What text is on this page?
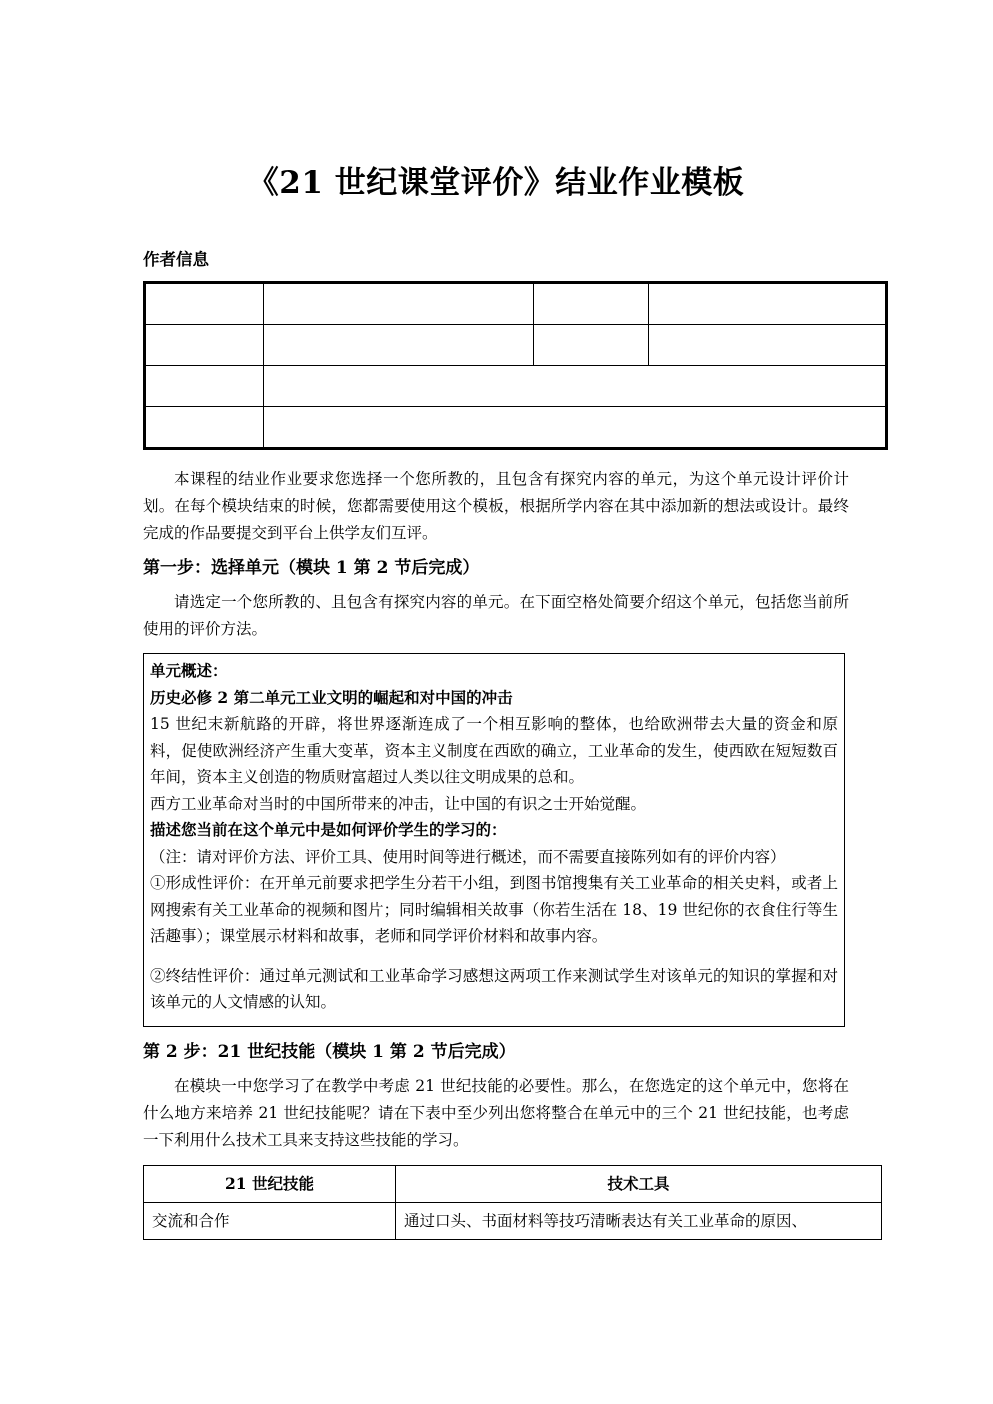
《21 世纪课堂评价》结业作业模板
作者信息

本课程的结业作业要求您选择一个您所教的，且包含有探究内容的单元，为这个单元设计评价计划。在每个模块结束的时候，您都需要使用这个模板，根据所学内容在其中添加新的想法或设计。最终完成的作品要提交到平台上供学友们互评。

第一步：选择单元（模块 1 第 2 节后完成）

请选定一个您所教的、且包含有探究内容的单元。在下面空格处简要介绍这个单元，包括您当前所使用的评价方法。

单元概述：

历史必修 2 第二单元工业文明的崛起和对中国的冲击

15 世纪末新航路的开辟，将世界逐渐连成了一个相互影响的整体，也给欧洲带去大量的资金和原料，促使欧洲经济产生重大变革，资本主义制度在西欧的确立，工业革命的发生，使西欧在短短数百年间，资本主义创造的物质财富超过人类以往文明成果的总和。

西方工业革命对当时的中国所带来的冲击，让中国的有识之士开始觉醒。

描述您当前在这个单元中是如何评价学生的学习的：

（注：请对评价方法、评价工具、使用时间等进行概述，而不需要直接陈列如有的评价内容）

①形成性评价：在开单元前要求把学生分若干小组，到图书馆搜集有关工业革命的相关史料，或者上网搜索有关工业革命的视频和图片；同时编辑相关故事（你若生活在 18、19 世纪你的衣食住行等生活趣事）；课堂展示材料和故事，老师和同学评价材料和故事内容。

②终结性评价：通过单元测试和工业革命学习感想这两项工作来测试学生对该单元的知识的掌握和对该单元的人文情感的认知。

第 2 步：21 世纪技能（模块 1 第 2 节后完成）

在模块一中您学习了在教学中考虑 21 世纪技能的必要性。那么，在您选定的这个单元中，您将在什么地方来培养 21 世纪技能呢？请在下表中至少列出您将整合在单元中的三个 21 世纪技能，也考虑一下利用什么技术工具来支持这些技能的学习。

21 世纪技能	技术工具
交流和合作	通过口头、书面材料等技巧清晰表达有关工业革命的原因、
